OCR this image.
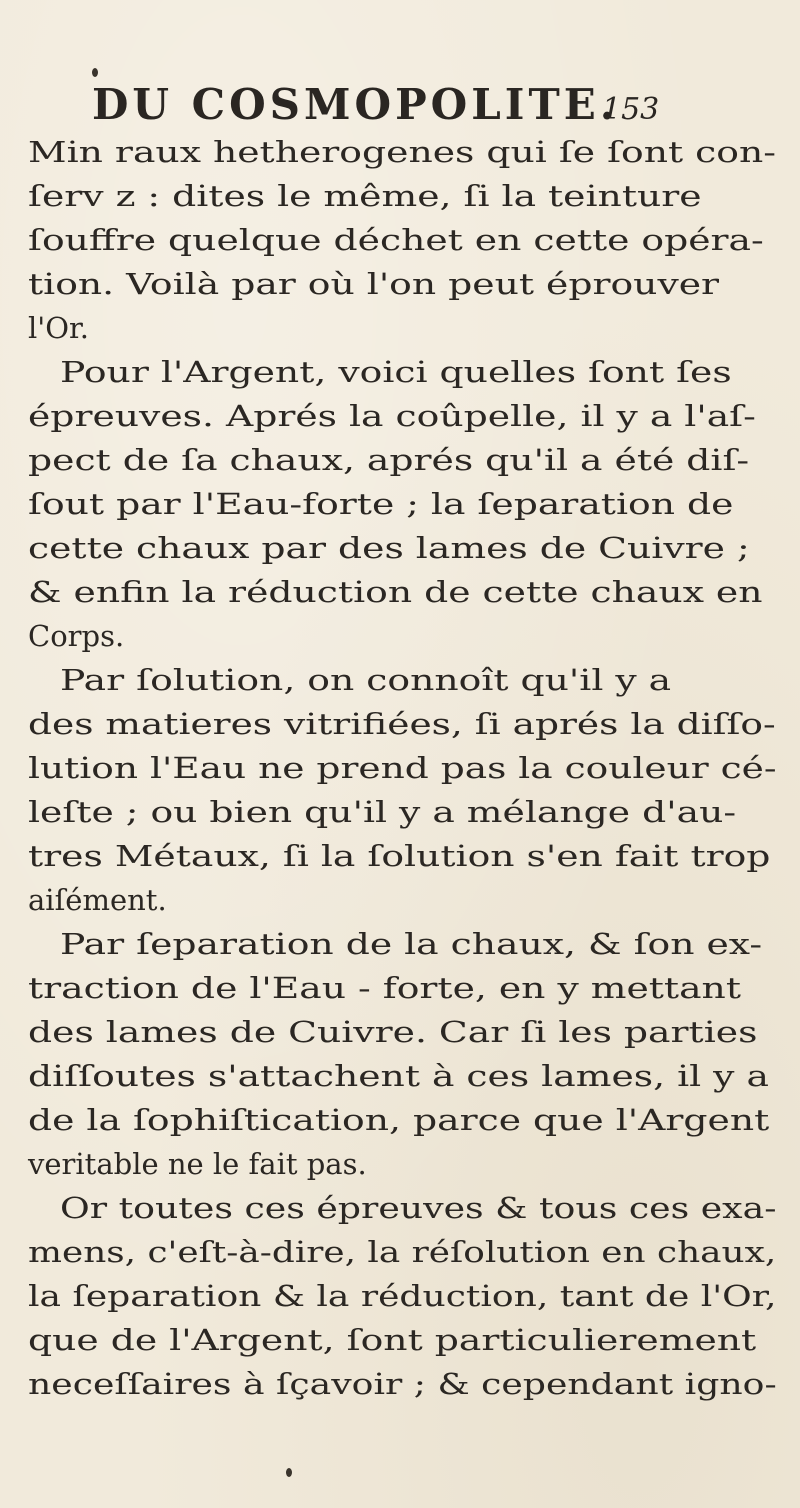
DU COSMOPOLITE.
153
Min raux hetherogenes qui ſe ſont con-
ſerv z : dites le même, ſi la teinture
ſouffre quelque déchet en cette opéra-
tion. Voilà par où l'on peut éprouver
l'Or.
Pour l'Argent, voici quelles ſont ſes
épreuves. Aprés la coûpelle, il y a l'aſ-
pect de ſa chaux, aprés qu'il a été diſ-
ſout par l'Eau-forte ; la ſeparation de
cette chaux par des lames de Cuivre ;
& enfin la réduction de cette chaux en
Corps.
Par ſolution, on connoît qu'il y a
des matieres vitrifiées, ſi aprés la diſſo-
lution l'Eau ne prend pas la couleur cé-
leſte ; ou bien qu'il y a mélange d'au-
tres Métaux, ſi la ſolution s'en fait trop
aiſément.
Par ſeparation de la chaux, & ſon ex-
traction de l'Eau - forte, en y mettant
des lames de Cuivre. Car ſi les parties
diſſoutes s'attachent à ces lames, il y a
de la ſophiſtication, parce que l'Argent
veritable ne le fait pas.
Or toutes ces épreuves & tous ces exa-
mens, c'eſt-à-dire, la réſolution en chaux,
la ſeparation & la réduction, tant de l'Or,
que de l'Argent, ſont particulierement
neceſſaires à ſçavoir ; & cependant igno-
